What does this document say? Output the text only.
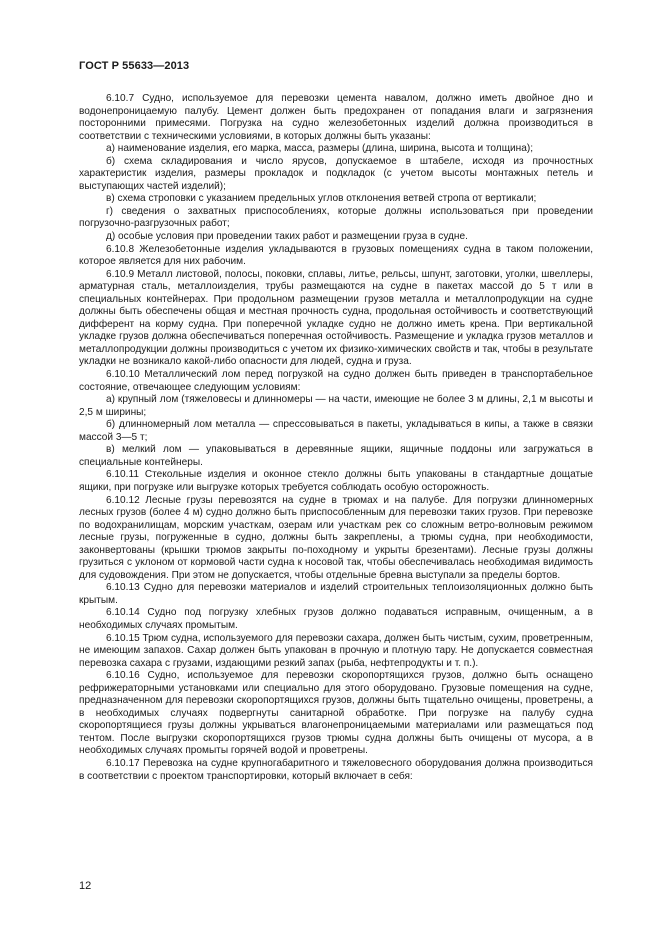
ГОСТ Р 55633—2013

6.10.7 Судно, используемое для перевозки цемента навалом, должно иметь двойное дно и водонепроницаемую палубу. Цемент должен быть предохранен от попадания влаги и загрязнения посторонними примесями. Погрузка на судно железобетонных изделий должна производиться в соответствии с техническими условиями, в которых должны быть указаны:

а) наименование изделия, его марка, масса, размеры (длина, ширина, высота и толщина);

б) схема складирования и число ярусов, допускаемое в штабеле, исходя из прочностных характеристик изделия, размеры прокладок и подкладок (с учетом высоты монтажных петель и выступающих частей изделий);

в) схема строповки с указанием предельных углов отклонения ветвей стропа от вертикали;

г) сведения о захватных приспособлениях, которые должны использоваться при проведении погрузочно-разгрузочных работ;

д) особые условия при проведении таких работ и размещении груза в судне.

6.10.8 Железобетонные изделия укладываются в грузовых помещениях судна в таком положении, которое является для них рабочим.

6.10.9 Металл листовой, полосы, поковки, сплавы, литье, рельсы, шпунт, заготовки, уголки, швеллеры, арматурная сталь, металлоизделия, трубы размещаются на судне в пакетах массой до 5 т или в специальных контейнерах. При продольном размещении грузов металла и металлопродукции на судне должны быть обеспечены общая и местная прочность судна, продольная остойчивость и соответствующий дифферент на корму судна. При поперечной укладке судно не должно иметь крена. При вертикальной укладке грузов должна обеспечиваться поперечная остойчивость. Размещение и укладка грузов металлов и металлопродукции должны производиться с учетом их физико-химических свойств и так, чтобы в результате укладки не возникало какой-либо опасности для людей, судна и груза.

6.10.10 Металлический лом перед погрузкой на судно должен быть приведен в транспортабельное состояние, отвечающее следующим условиям:

а) крупный лом (тяжеловесы и длинномеры — на части, имеющие не более 3 м длины, 2,1 м высоты и 2,5 м ширины;

б) длинномерный лом металла — спрессовываться в пакеты, укладываться в кипы, а также в связки массой 3—5 т;

в) мелкий лом — упаковываться в деревянные ящики, ящичные поддоны или загружаться в специальные контейнеры.

6.10.11 Стекольные изделия и оконное стекло должны быть упакованы в стандартные дощатые ящики, при погрузке или выгрузке которых требуется соблюдать особую осторожность.

6.10.12 Лесные грузы перевозятся на судне в трюмах и на палубе. Для погрузки длинномерных лесных грузов (более 4 м) судно должно быть приспособленным для перевозки таких грузов. При перевозке по водохранилищам, морским участкам, озерам или участкам рек со сложным ветро-волновым режимом лесные грузы, погруженные в судно, должны быть закреплены, а трюмы судна, при необходимости, законвертованы (крышки трюмов закрыты по-походному и укрыты брезентами). Лесные грузы должны грузиться с уклоном от кормовой части судна к носовой так, чтобы обеспечивалась необходимая видимость для судовождения. При этом не допускается, чтобы отдельные бревна выступали за пределы бортов.

6.10.13 Судно для перевозки материалов и изделий строительных теплоизоляционных должно быть крытым.

6.10.14 Судно под погрузку хлебных грузов должно подаваться исправным, очищенным, а в необходимых случаях промытым.

6.10.15 Трюм судна, используемого для перевозки сахара, должен быть чистым, сухим, проветренным, не имеющим запахов. Сахар должен быть упакован в прочную и плотную тару. Не допускается совместная перевозка сахара с грузами, издающими резкий запах (рыба, нефтепродукты и т. п.).

6.10.16 Судно, используемое для перевозки скоропортящихся грузов, должно быть оснащено рефрижераторными установками или специально для этого оборудовано. Грузовые помещения на судне, предназначенном для перевозки скоропортящихся грузов, должны быть тщательно очищены, проветрены, а в необходимых случаях подвергнуты санитарной обработке. При погрузке на палубу судна скоропортящиеся грузы должны укрываться влагонепроницаемыми материалами или размещаться под тентом. После выгрузки скоропортящихся грузов трюмы судна должны быть очищены от мусора, а в необходимых случаях промыты горячей водой и проветрены.

6.10.17 Перевозка на судне крупногабаритного и тяжеловесного оборудования должна производиться в соответствии с проектом транспортировки, который включает в себя:

12
